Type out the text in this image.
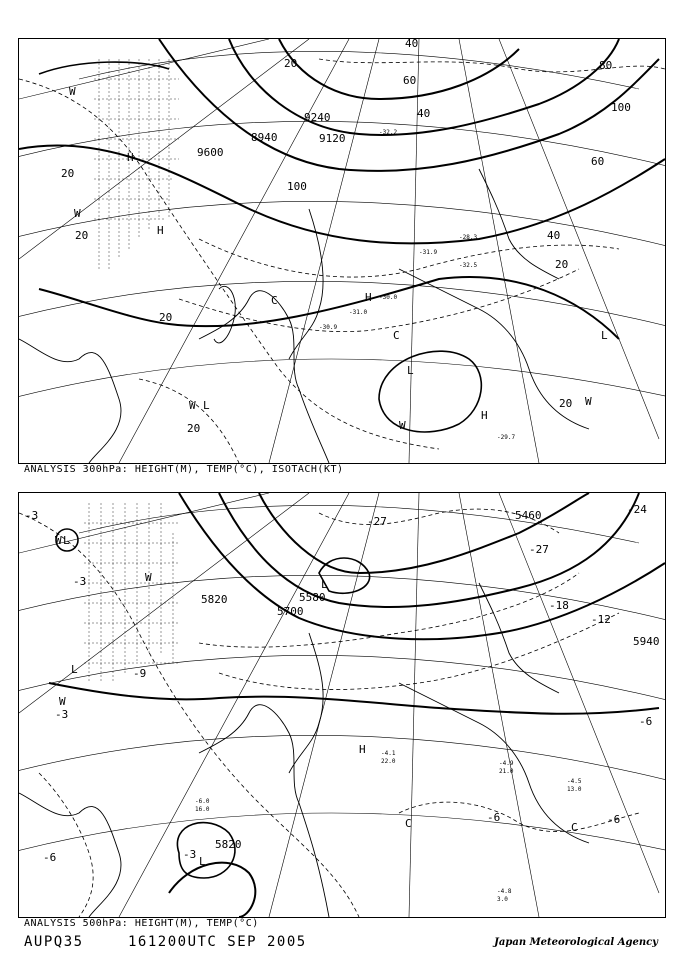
9240
9120
9600
8940
20
20
20
20
20
20
20
40
40
40
60
60
80
100
100
H
H
H
H
L
L
L
C
C
W
W
W
W
W
-30.0
-31.0
-29.7
-30.9
-28.3
-32.5
-31.9
-32.2
ANALYSIS 300hPa: HEIGHT(M), TEMP(°C), ISOTACH(KT)
5820
5700
5580
5460
5940
5820
-3
-3
-3
-6
-6
-6
-12
-18
-24
-27
-27
-6
-9
-3
L
L
L
L
H
C	C
W
W
W
-4.1
22.0
-4.5
13.0
-4.8
3.0
-4.9
21.0
-6.0
16.0
ANALYSIS 500hPa: HEIGHT(M), TEMP(°C)
AUPQ35	161200UTC SEP 2005	Japan Meteorological Agency
